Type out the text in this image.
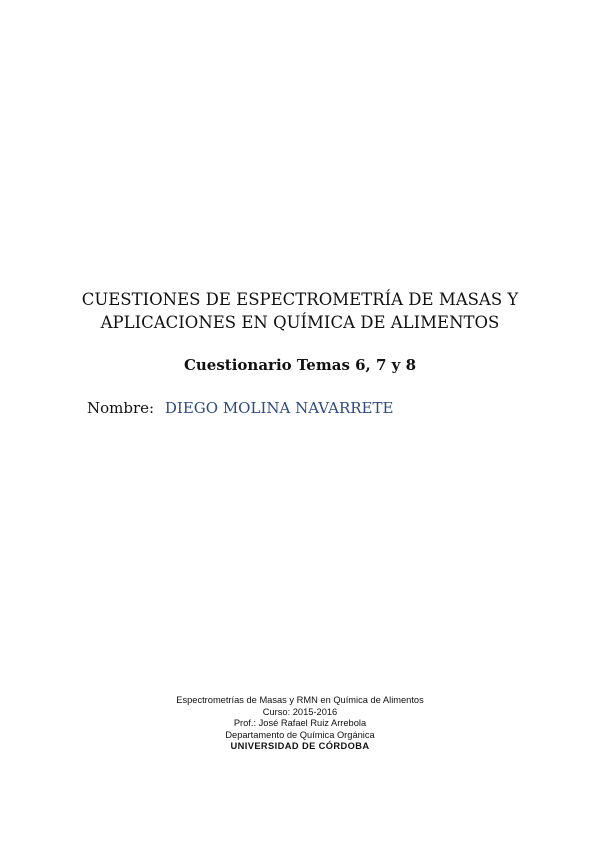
CUESTIONES DE ESPECTROMETRÍA DE MASAS Y
APLICACIONES EN QUÍMICA DE ALIMENTOS
Cuestionario Temas 6, 7 y 8
Nombre: DIEGO MOLINA NAVARRETE
Espectrometrías de Masas y RMN en Química de Alimentos
Curso: 2015-2016
Prof.: José Rafael Ruiz Arrebola
Departamento de Química Orgánica
UNIVERSIDAD DE CÓRDOBA
